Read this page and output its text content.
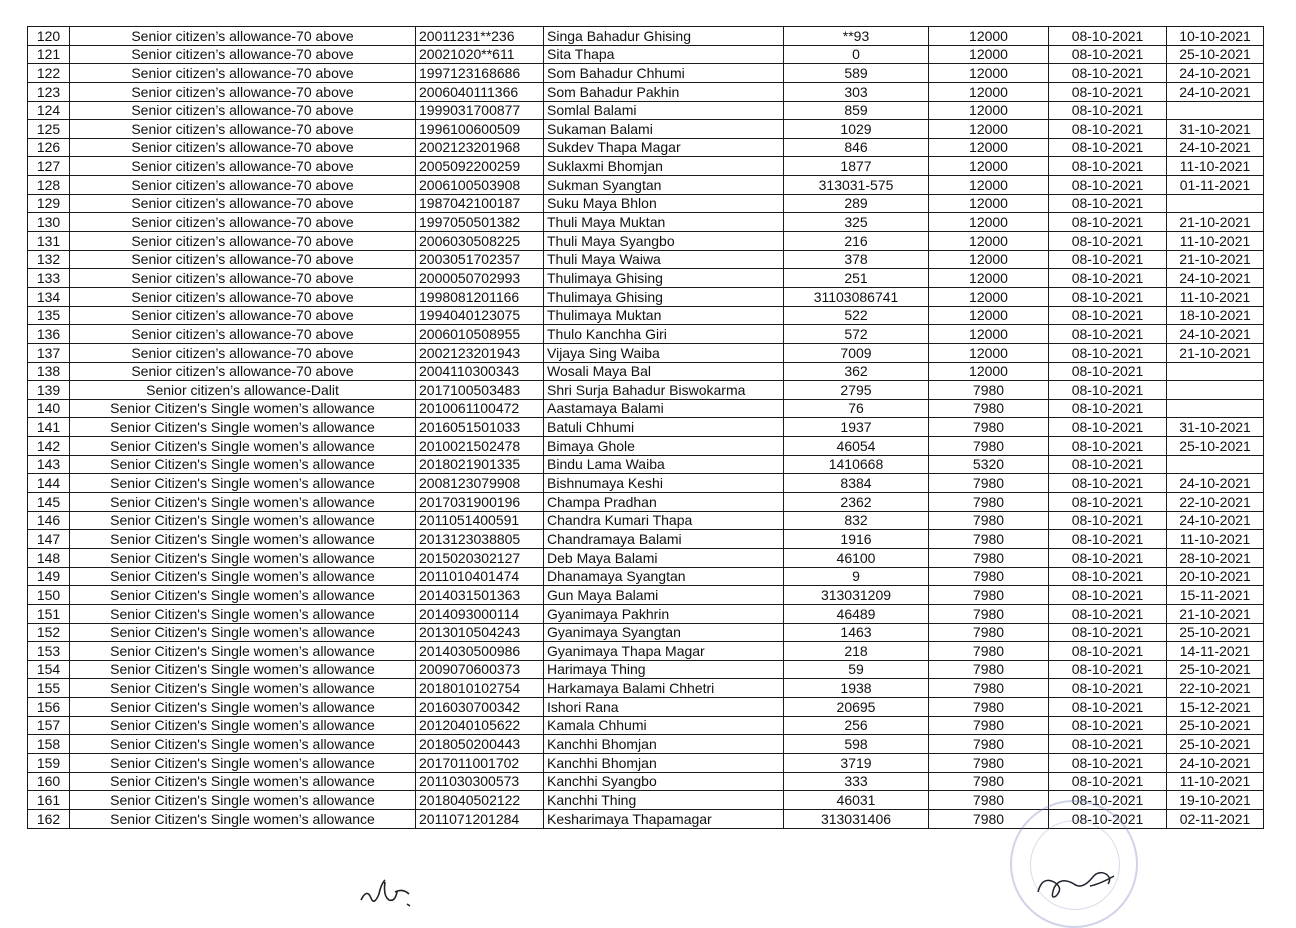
120	Senior citizen’s allowance-70 above	20011231**236	Singa Bahadur Ghising	**93	12000	08-10-2021	10-10-2021
121	Senior citizen’s allowance-70 above	20021020**611	Sita Thapa	0	12000	08-10-2021	25-10-2021
122	Senior citizen’s allowance-70 above	1997123168686	Som Bahadur Chhumi	589	12000	08-10-2021	24-10-2021
123	Senior citizen’s allowance-70 above	2006040111366	Som Bahadur Pakhin	303	12000	08-10-2021	24-10-2021
124	Senior citizen’s allowance-70 above	1999031700877	Somlal Balami	859	12000	08-10-2021	
125	Senior citizen’s allowance-70 above	1996100600509	Sukaman Balami	1029	12000	08-10-2021	31-10-2021
126	Senior citizen’s allowance-70 above	2002123201968	Sukdev Thapa Magar	846	12000	08-10-2021	24-10-2021
127	Senior citizen’s allowance-70 above	2005092200259	Suklaxmi Bhomjan	1877	12000	08-10-2021	11-10-2021
128	Senior citizen’s allowance-70 above	2006100503908	Sukman Syangtan	313031-575	12000	08-10-2021	01-11-2021
129	Senior citizen’s allowance-70 above	1987042100187	Suku Maya Bhlon	289	12000	08-10-2021	
130	Senior citizen’s allowance-70 above	1997050501382	Thuli Maya Muktan	325	12000	08-10-2021	21-10-2021
131	Senior citizen’s allowance-70 above	2006030508225	Thuli Maya Syangbo	216	12000	08-10-2021	11-10-2021
132	Senior citizen’s allowance-70 above	2003051702357	Thuli Maya Waiwa	378	12000	08-10-2021	21-10-2021
133	Senior citizen’s allowance-70 above	2000050702993	Thulimaya Ghising	251	12000	08-10-2021	24-10-2021
134	Senior citizen’s allowance-70 above	1998081201166	Thulimaya Ghising	31103086741	12000	08-10-2021	11-10-2021
135	Senior citizen’s allowance-70 above	1994040123075	Thulimaya Muktan	522	12000	08-10-2021	18-10-2021
136	Senior citizen’s allowance-70 above	2006010508955	Thulo Kanchha Giri	572	12000	08-10-2021	24-10-2021
137	Senior citizen’s allowance-70 above	2002123201943	Vijaya Sing Waiba	7009	12000	08-10-2021	21-10-2021
138	Senior citizen’s allowance-70 above	2004110300343	Wosali Maya Bal	362	12000	08-10-2021	
139	Senior citizen’s allowance-Dalit	2017100503483	Shri Surja Bahadur Biswokarma	2795	7980	08-10-2021	
140	Senior Citizen's Single women’s allowance	2010061100472	Aastamaya Balami	76	7980	08-10-2021	
141	Senior Citizen's Single women’s allowance	2016051501033	Batuli Chhumi	1937	7980	08-10-2021	31-10-2021
142	Senior Citizen's Single women’s allowance	2010021502478	Bimaya Ghole	46054	7980	08-10-2021	25-10-2021
143	Senior Citizen's Single women’s allowance	2018021901335	Bindu Lama Waiba	1410668	5320	08-10-2021	
144	Senior Citizen's Single women’s allowance	2008123079908	Bishnumaya Keshi	8384	7980	08-10-2021	24-10-2021
145	Senior Citizen's Single women’s allowance	2017031900196	Champa Pradhan	2362	7980	08-10-2021	22-10-2021
146	Senior Citizen's Single women’s allowance	2011051400591	Chandra Kumari Thapa	832	7980	08-10-2021	24-10-2021
147	Senior Citizen's Single women’s allowance	2013123038805	Chandramaya Balami	1916	7980	08-10-2021	11-10-2021
148	Senior Citizen's Single women’s allowance	2015020302127	Deb Maya Balami	46100	7980	08-10-2021	28-10-2021
149	Senior Citizen's Single women’s allowance	2011010401474	Dhanamaya Syangtan	9	7980	08-10-2021	20-10-2021
150	Senior Citizen's Single women’s allowance	2014031501363	Gun Maya Balami	313031209	7980	08-10-2021	15-11-2021
151	Senior Citizen's Single women’s allowance	2014093000114	Gyanimaya Pakhrin	46489	7980	08-10-2021	21-10-2021
152	Senior Citizen's Single women’s allowance	2013010504243	Gyanimaya Syangtan	1463	7980	08-10-2021	25-10-2021
153	Senior Citizen's Single women’s allowance	2014030500986	Gyanimaya Thapa Magar	218	7980	08-10-2021	14-11-2021
154	Senior Citizen's Single women’s allowance	2009070600373	Harimaya Thing	59	7980	08-10-2021	25-10-2021
155	Senior Citizen's Single women’s allowance	2018010102754	Harkamaya Balami Chhetri	1938	7980	08-10-2021	22-10-2021
156	Senior Citizen's Single women’s allowance	2016030700342	Ishori Rana	20695	7980	08-10-2021	15-12-2021
157	Senior Citizen's Single women’s allowance	2012040105622	Kamala Chhumi	256	7980	08-10-2021	25-10-2021
158	Senior Citizen's Single women’s allowance	2018050200443	Kanchhi Bhomjan	598	7980	08-10-2021	25-10-2021
159	Senior Citizen's Single women’s allowance	2017011001702	Kanchhi Bhomjan	3719	7980	08-10-2021	24-10-2021
160	Senior Citizen's Single women’s allowance	2011030300573	Kanchhi Syangbo	333	7980	08-10-2021	11-10-2021
161	Senior Citizen's Single women’s allowance	2018040502122	Kanchhi Thing	46031	7980	08-10-2021	19-10-2021
162	Senior Citizen's Single women’s allowance	2011071201284	Kesharimaya Thapamagar	313031406	7980	08-10-2021	02-11-2021
